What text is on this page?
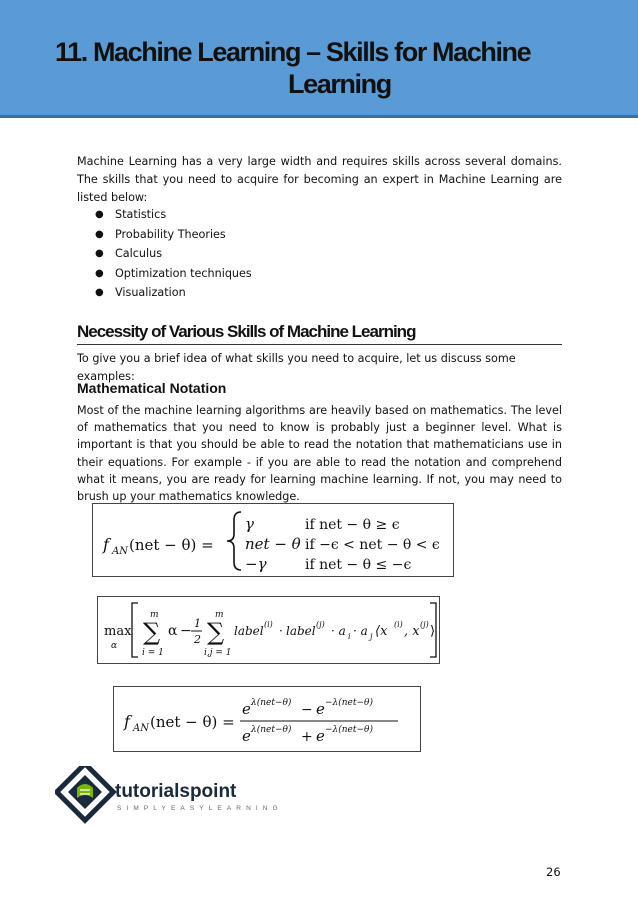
11. Machine Learning – Skills for Machine
Learning

Machine Learning has a very large width and requires skills across several domains. The skills that you need to acquire for becoming an expert in Machine Learning are listed below:

●	Statistics
●	Probability Theories
●	Calculus
●	Optimization techniques
●	Visualization
Necessity of Various Skills of Machine Learning

To give you a brief idea of what skills you need to acquire, let us discuss some examples:

Mathematical Notation

Most of the machine learning algorithms are heavily based on mathematics. The level of mathematics that you need to know is probably just a beginner level. What is important is that you should be able to read the notation that mathematicians use in their equations. For example - if you are able to read the notation and comprehend what it means, you are ready for learning machine learning. If not, you may need to brush up your mathematics knowledge.

f AN (net − θ) =
γ
net − θ
−γ
if net − θ ≥ ϵ
if −ϵ < net − θ < ϵ
if net − θ ≤ −ϵ
max
α
m
∑
i = 1
α − 1
2
m
∑
i,j = 1
label (i) · label (j) · a i · a j ⟨x (i) , x (j) ⟩
f AN (net − θ) =
e λ(net−θ) − e −λ(net−θ)
e λ(net−θ) + e −λ(net−θ)
tutorialspoint
SIMPLYEASYLEARNING
26
